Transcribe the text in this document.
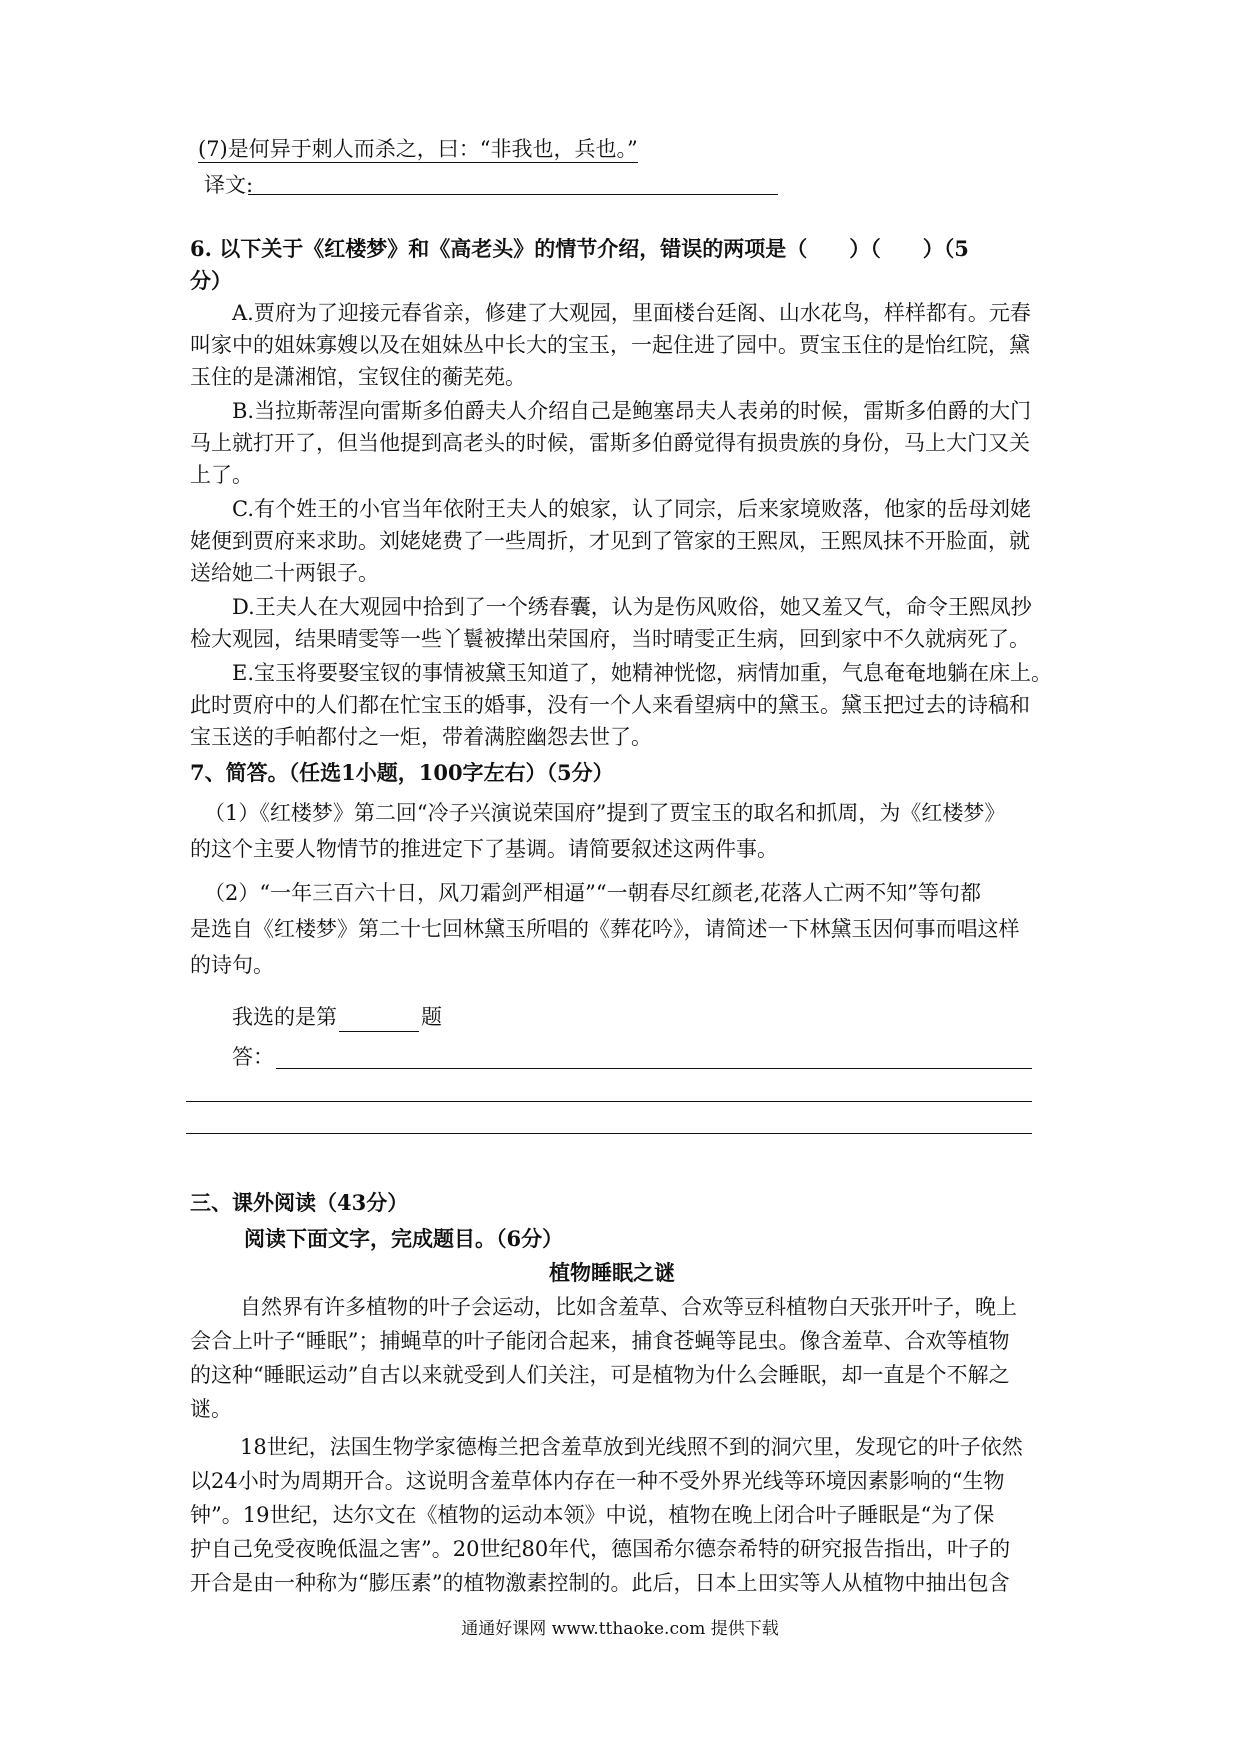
(7)是何异于刺人而杀之，曰：“非我也，兵也。”
译文:
6. 以下关于《红楼梦》和《高老头》的情节介绍，错误的两项是（ ）（ ）（5
分）
A.贾府为了迎接元春省亲，修建了大观园，里面楼台廷阁、山水花鸟，样样都有。元春
叫家中的姐妹寡嫂以及在姐妹丛中长大的宝玉，一起住进了园中。贾宝玉住的是怡红院，黛
玉住的是潇湘馆，宝钗住的蘅芜苑。
B.当拉斯蒂涅向雷斯多伯爵夫人介绍自己是鲍塞昂夫人表弟的时候，雷斯多伯爵的大门
马上就打开了，但当他提到高老头的时候，雷斯多伯爵觉得有损贵族的身份，马上大门又关
上了。
C.有个姓王的小官当年依附王夫人的娘家，认了同宗，后来家境败落，他家的岳母刘姥
姥便到贾府来求助。刘姥姥费了一些周折，才见到了管家的王熙凤，王熙凤抹不开脸面，就
送给她二十两银子。
D.王夫人在大观园中拾到了一个绣春囊，认为是伤风败俗，她又羞又气，命令王熙凤抄
检大观园，结果晴雯等一些丫鬟被撵出荣国府，当时晴雯正生病，回到家中不久就病死了。
E.宝玉将要娶宝钗的事情被黛玉知道了，她精神恍惚，病情加重，气息奄奄地躺在床上。
此时贾府中的人们都在忙宝玉的婚事，没有一个人来看望病中的黛玉。黛玉把过去的诗稿和
宝玉送的手帕都付之一炬，带着满腔幽怨去世了。
7、简答。（任选1小题，100字左右）（5分）
（1）《红楼梦》第二回“冷子兴演说荣国府”提到了贾宝玉的取名和抓周，为《红楼梦》
的这个主要人物情节的推进定下了基调。请简要叙述这两件事。
（2）“一年三百六十日，风刀霜剑严相逼”“一朝春尽红颜老,花落人亡两不知”等句都
是选自《红楼梦》第二十七回林黛玉所唱的《葬花吟》，请简述一下林黛玉因何事而唱这样
的诗句。
我选的是第	题
答：
三、课外阅读（43分）
阅读下面文字，完成题目。（6分）
植物睡眠之谜
自然界有许多植物的叶子会运动，比如含羞草、合欢等豆科植物白天张开叶子，晚上
会合上叶子“睡眠”；捕蝇草的叶子能闭合起来，捕食苍蝇等昆虫。像含羞草、合欢等植物
的这种“睡眠运动”自古以来就受到人们关注，可是植物为什么会睡眠，却一直是个不解之
谜。
18世纪，法国生物学家德梅兰把含羞草放到光线照不到的洞穴里，发现它的叶子依然
以24小时为周期开合。这说明含羞草体内存在一种不受外界光线等环境因素影响的“生物
钟”。19世纪，达尔文在《植物的运动本领》中说，植物在晚上闭合叶子睡眠是“为了保
护自己免受夜晚低温之害”。20世纪80年代，德国希尔德奈希特的研究报告指出，叶子的
开合是由一种称为“膨压素”的植物激素控制的。此后，日本上田实等人从植物中抽出包含
通通好课网 www.tthaoke.com 提供下载
